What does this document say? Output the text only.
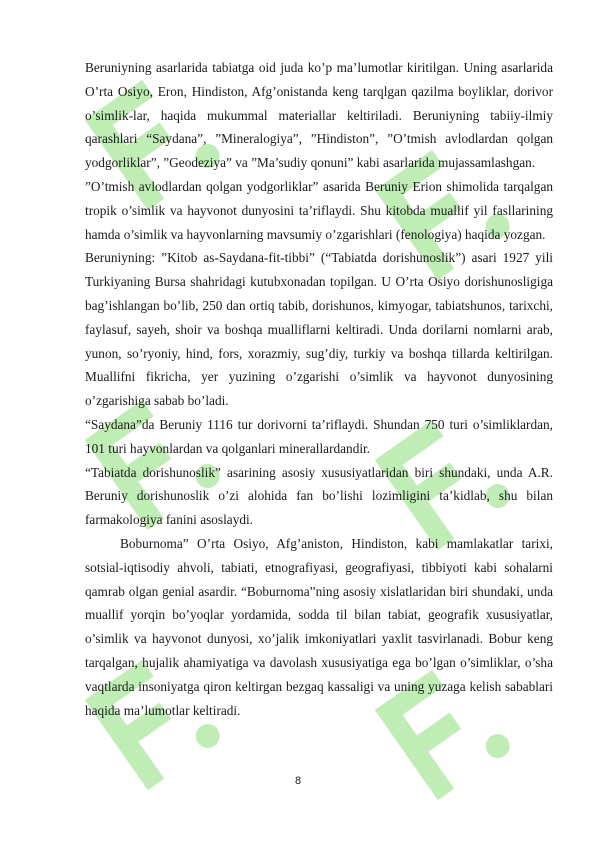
Beruniyning asarlarida tabiatga oid juda ko’p ma’lumotlar kiritilgan. Uning asarlarida O’rta Osiyo, Eron, Hindiston, Afg’onistanda keng tarqlgan qazilma boyliklar, dorivor o’simlik-lar, haqida mukummal materiallar keltiriladi. Beruniyning tabiiy-ilmiy qarashlari “Saydana”, ”Mineralogiya”, ”Hindiston”, ”O’tmish avlodlardan qolgan yodgorliklar”, ”Geodeziya” va ”Ma’sudiy qonuni” kabi asarlarida mujassamlashgan.

”O’tmish avlodlardan qolgan yodgorliklar” asarida Beruniy Erion shimolida tarqalgan tropik o’simlik va hayvonot dunyosini ta’riflaydi. Shu kitobda muallif yil fasllarining hamda o’simlik va hayvonlarning mavsumiy o’zgarishlari (fenologiya) haqida yozgan.

Beruniyning: ”Kitob as-Saydana-fit-tibbi” (“Tabiatda dorishunoslik”) asari 1927 yili Turkiyaning Bursa shahridagi kutubxonadan topilgan. U O’rta Osiyo dorishunosligiga bag’ishlangan bo’lib, 250 dan ortiq tabib, dorishunos, kimyogar, tabiatshunos, tarixchi, faylasuf, sayeh, shoir va boshqa mualliflarni keltiradi. Unda dorilarni nomlarni arab, yunon, so’ryoniy, hind, fors, xorazmiy, sug’diy, turkiy va boshqa tillarda keltirilgan. Muallifni fikricha, yer yuzining o’zgarishi o’simlik va hayvonot dunyosining o’zgarishiga sabab bo’ladi.

“Saydana”da Beruniy 1116 tur dorivorni ta’riflaydi. Shundan 750 turi o’simliklardan, 101 turi hayvonlardan va qolganlari minerallardandir.

“Tabiatda dorishunoslik” asarining asosiy xususiyatlaridan biri shundaki, unda A.R. Beruniy dorishunoslik o’zi alohida fan bo’lishi lozimligini ta’kidlab, shu bilan farmakologiya fanini asoslaydi.

Boburnoma” O’rta Osiyo, Afg’aniston, Hindiston, kabi mamlakatlar tarixi, sotsial-iqtisodiy ahvoli, tabiati, etnografiyasi, geografiyasi, tibbiyoti kabi sohalarni qamrab olgan genial asardir. “Boburnoma”ning asosiy xislatlaridan biri shundaki, unda muallif yorqin bo’yoqlar yordamida, sodda til bilan tabiat, geografik xususiyatlar, o’simlik va hayvonot dunyosi, xo’jalik imkoniyatlari yaxlit tasvirlanadi. Bobur keng tarqalgan, hujalik ahamiyatiga va davolash xususiyatiga ega bo’lgan o’simliklar, o’sha vaqtlarda insoniyatga qiron keltirgan bezgaq kassaligi va uning yuzaga kelish sabablari haqida ma’lumotlar keltiradi.

8
